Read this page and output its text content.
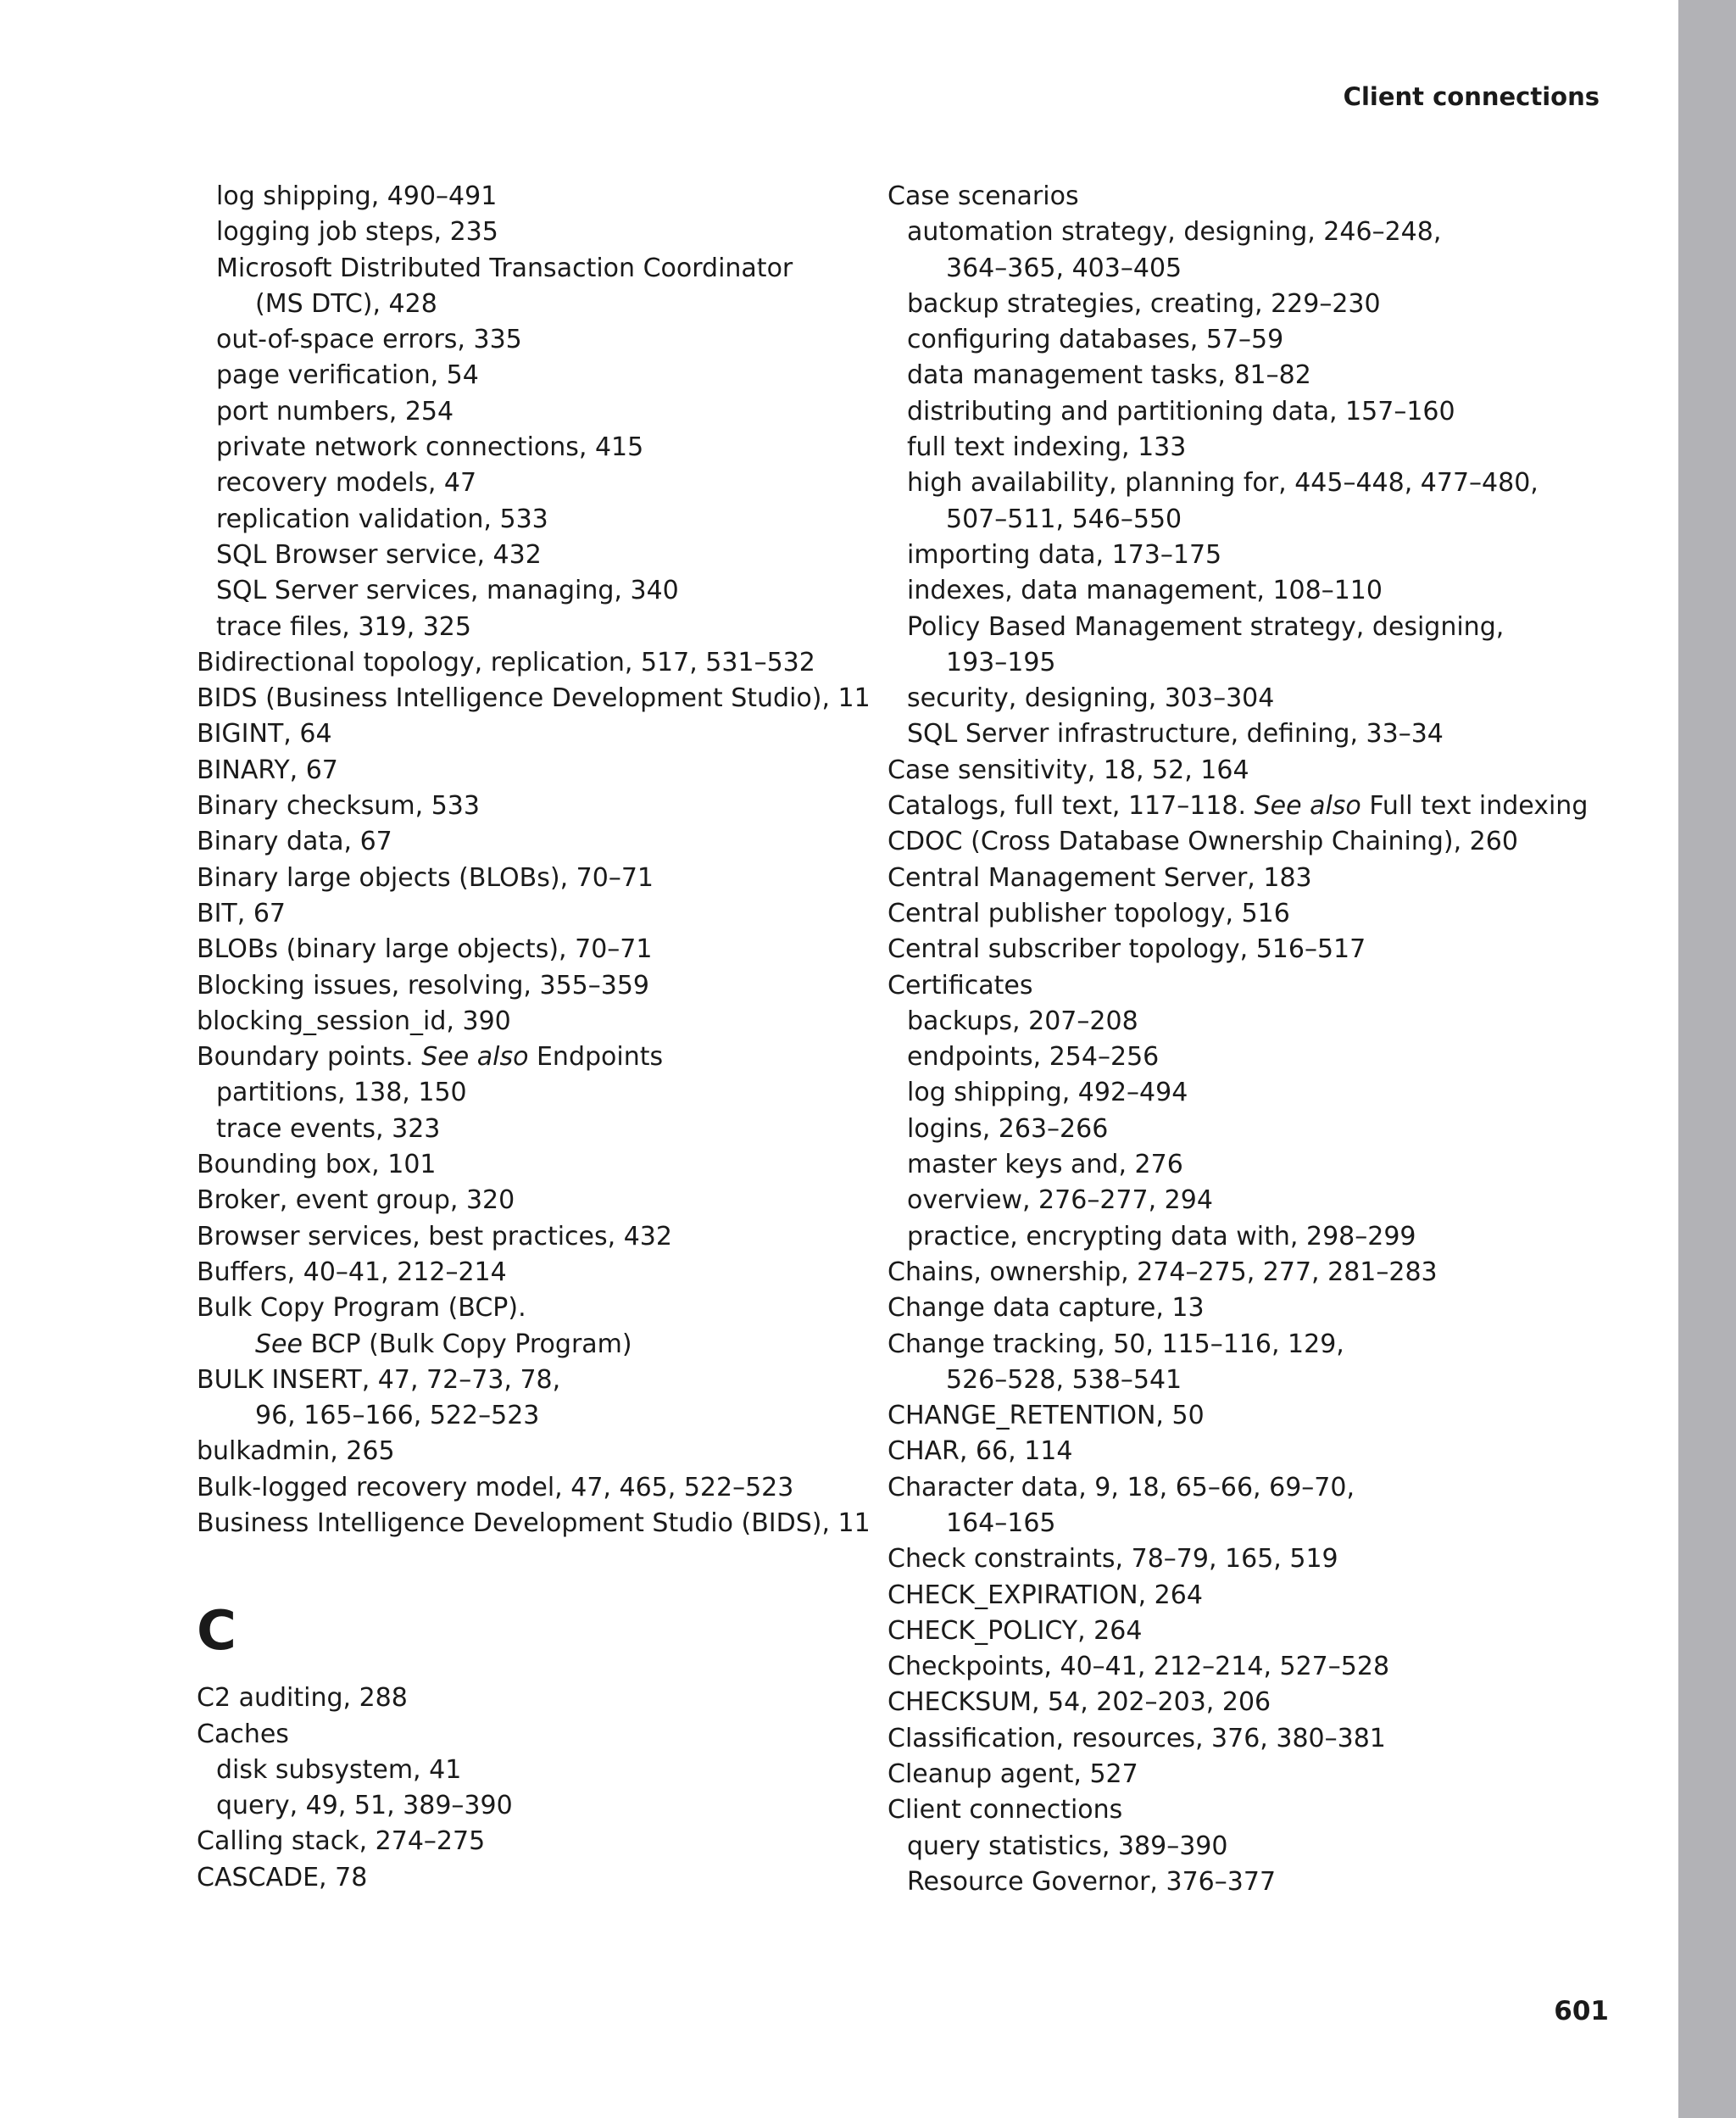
Client connections
log shipping, 490–491
logging job steps, 235
Microsoft Distributed Transaction Coordinator
(MS DTC), 428
out-of-space errors, 335
page verification, 54
port numbers, 254
private network connections, 415
recovery models, 47
replication validation, 533
SQL Browser service, 432
SQL Server services, managing, 340
trace files, 319, 325
Bidirectional topology, replication, 517, 531–532
BIDS (Business Intelligence Development Studio), 11
BIGINT, 64
BINARY, 67
Binary checksum, 533
Binary data, 67
Binary large objects (BLOBs), 70–71
BIT, 67
BLOBs (binary large objects), 70–71
Blocking issues, resolving, 355–359
blocking_session_id, 390
Boundary points. See also Endpoints
partitions, 138, 150
trace events, 323
Bounding box, 101
Broker, event group, 320
Browser services, best practices, 432
Buffers, 40–41, 212–214
Bulk Copy Program (BCP).
See BCP (Bulk Copy Program)
BULK INSERT, 47, 72–73, 78,
96, 165–166, 522–523
bulkadmin, 265
Bulk-logged recovery model, 47, 465, 522–523
Business Intelligence Development Studio (BIDS), 11
C
C2 auditing, 288
Caches
disk subsystem, 41
query, 49, 51, 389–390
Calling stack, 274–275
CASCADE, 78
Case scenarios
automation strategy, designing, 246–248,
364–365, 403–405
backup strategies, creating, 229–230
configuring databases, 57–59
data management tasks, 81–82
distributing and partitioning data, 157–160
full text indexing, 133
high availability, planning for, 445–448, 477–480,
507–511, 546–550
importing data, 173–175
indexes, data management, 108–110
Policy Based Management strategy, designing,
193–195
security, designing, 303–304
SQL Server infrastructure, defining, 33–34
Case sensitivity, 18, 52, 164
Catalogs, full text, 117–118. See also Full text indexing
CDOC (Cross Database Ownership Chaining), 260
Central Management Server, 183
Central publisher topology, 516
Central subscriber topology, 516–517
Certificates
backups, 207–208
endpoints, 254–256
log shipping, 492–494
logins, 263–266
master keys and, 276
overview, 276–277, 294
practice, encrypting data with, 298–299
Chains, ownership, 274–275, 277, 281–283
Change data capture, 13
Change tracking, 50, 115–116, 129,
526–528, 538–541
CHANGE_RETENTION, 50
CHAR, 66, 114
Character data, 9, 18, 65–66, 69–70,
164–165
Check constraints, 78–79, 165, 519
CHECK_EXPIRATION, 264
CHECK_POLICY, 264
Checkpoints, 40–41, 212–214, 527–528
CHECKSUM, 54, 202–203, 206
Classification, resources, 376, 380–381
Cleanup agent, 527
Client connections
query statistics, 389–390
Resource Governor, 376–377
601
